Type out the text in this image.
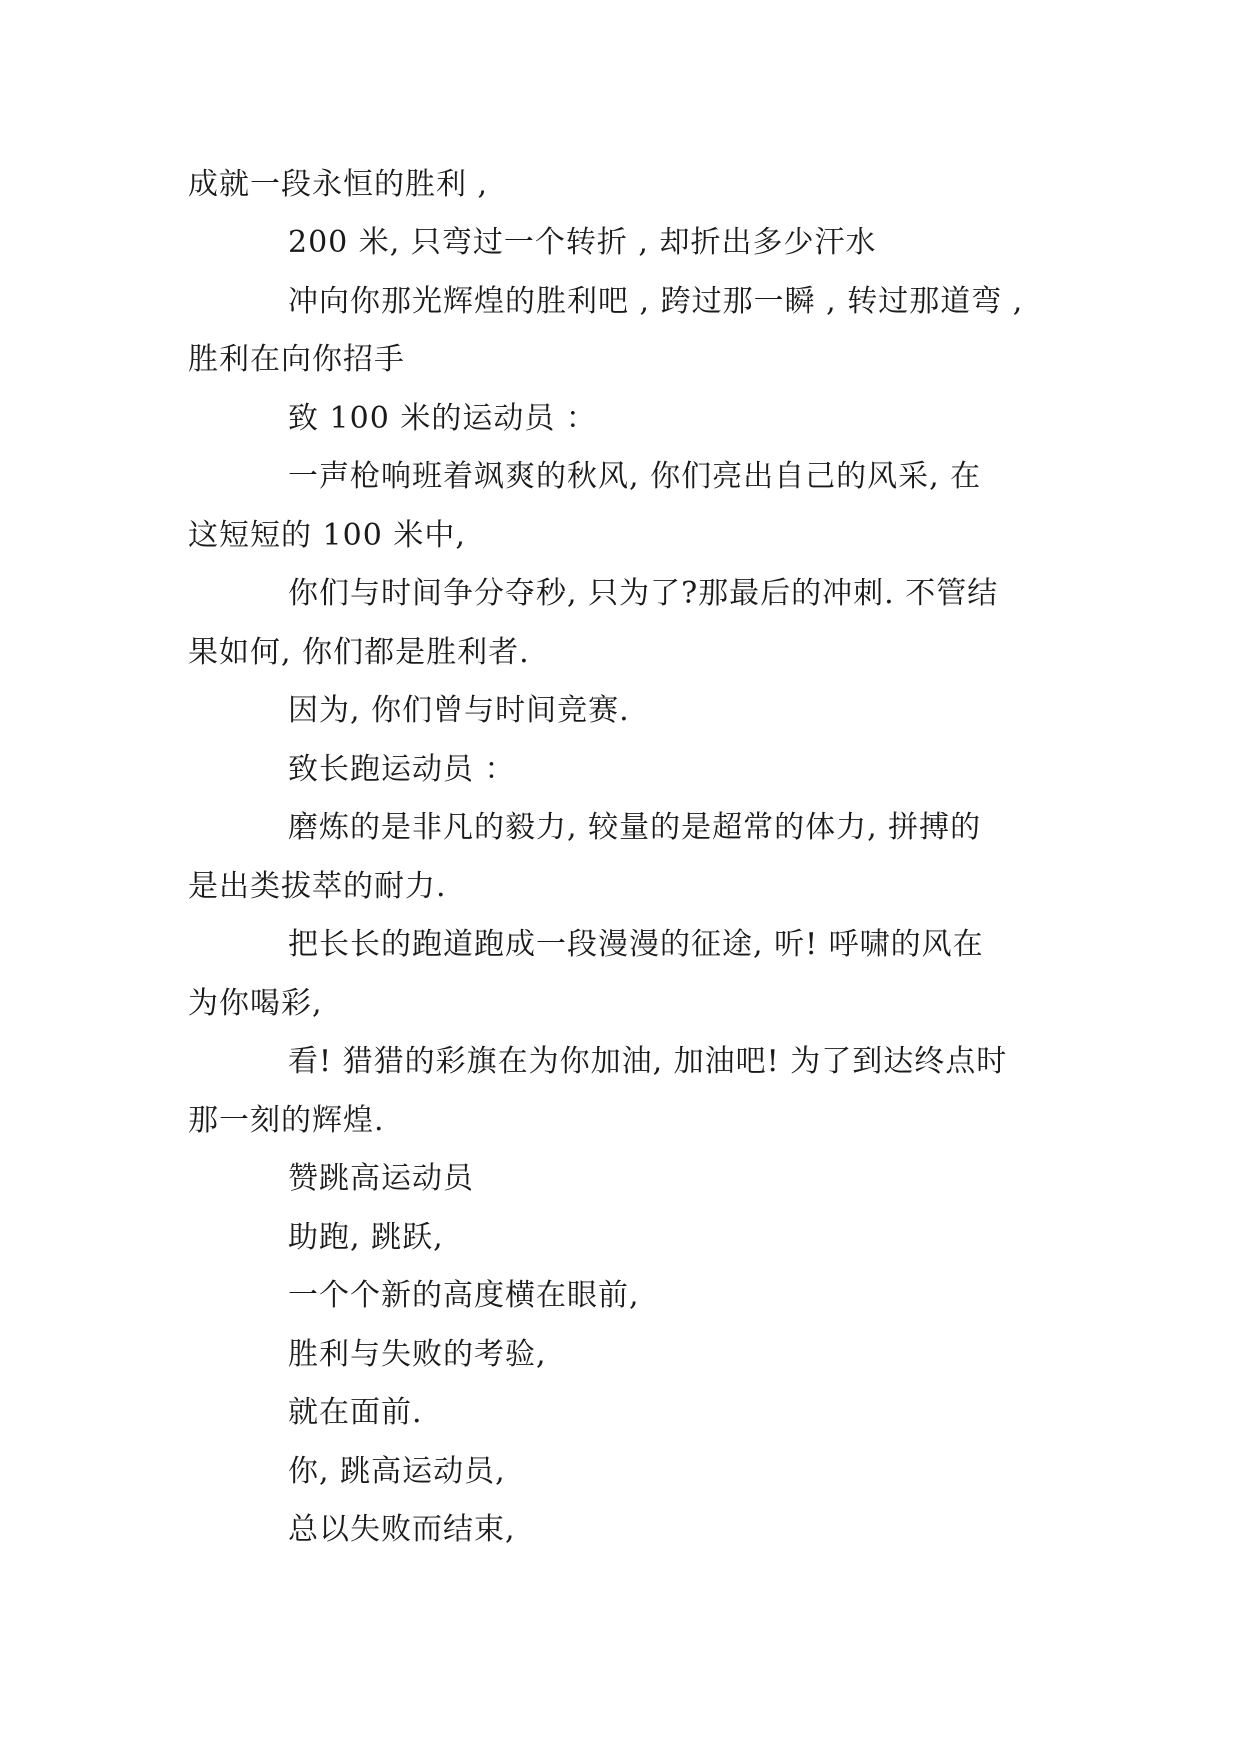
成就一段永恒的胜利 ,
200 米, 只弯过一个转折 , 却折出多少汗水
冲向你那光辉煌的胜利吧 , 跨过那一瞬 , 转过那道弯 ,
胜利在向你招手
致 100 米的运动员 ：
一声枪响班着飒爽的秋风, 你们亮出自己的风采, 在
这短短的 100 米中,
你们与时间争分夺秒, 只为了?那最后的冲刺. 不管结
果如何, 你们都是胜利者.
因为, 你们曾与时间竞赛.
致长跑运动员 ：
磨炼的是非凡的毅力, 较量的是超常的体力, 拼搏的
是出类拔萃的耐力.
把长长的跑道跑成一段漫漫的征途, 听! 呼啸的风在
为你喝彩,
看! 猎猎的彩旗在为你加油, 加油吧! 为了到达终点时
那一刻的辉煌.
赞跳高运动员
助跑, 跳跃,
一个个新的高度横在眼前,
胜利与失败的考验,
就在面前.
你, 跳高运动员,
总以失败而结束,
